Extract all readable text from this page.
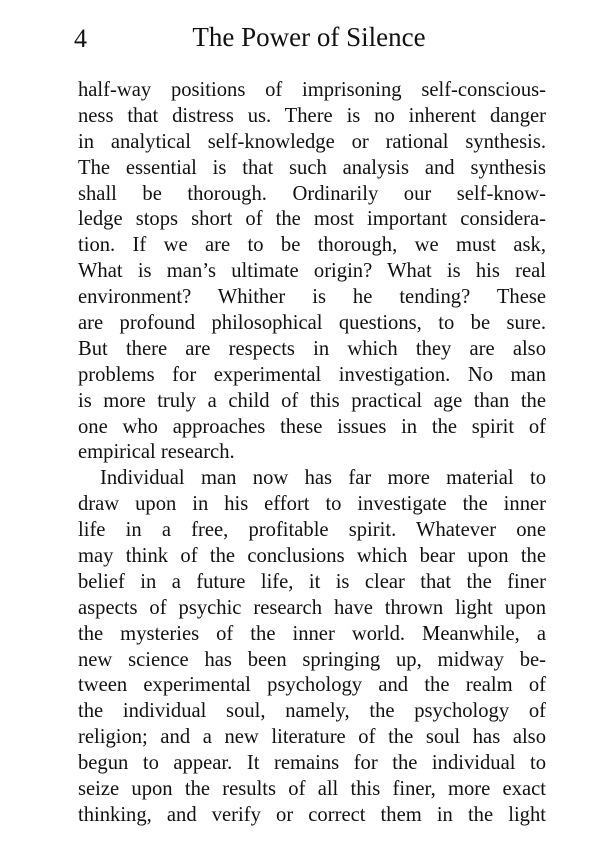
4	The Power of Silence
half-way positions of imprisoning self-conscious-
ness that distress us. There is no inherent danger
in analytical self-knowledge or rational synthesis.
The essential is that such analysis and synthesis
shall be thorough. Ordinarily our self-know-
ledge stops short of the most important considera-
tion. If we are to be thorough, we must ask,
What is man’s ultimate origin? What is his real
environment? Whither is he tending? These
are profound philosophical questions, to be sure.
But there are respects in which they are also
problems for experimental investigation. No man
is more truly a child of this practical age than the
one who approaches these issues in the spirit of
empirical research.
Individual man now has far more material to
draw upon in his effort to investigate the inner
life in a free, profitable spirit. Whatever one
may think of the conclusions which bear upon the
belief in a future life, it is clear that the finer
aspects of psychic research have thrown light upon
the mysteries of the inner world. Meanwhile, a
new science has been springing up, midway be-
tween experimental psychology and the realm of
the individual soul, namely, the psychology of
religion; and a new literature of the soul has also
begun to appear. It remains for the individual to
seize upon the results of all this finer, more exact
thinking, and verify or correct them in the light
